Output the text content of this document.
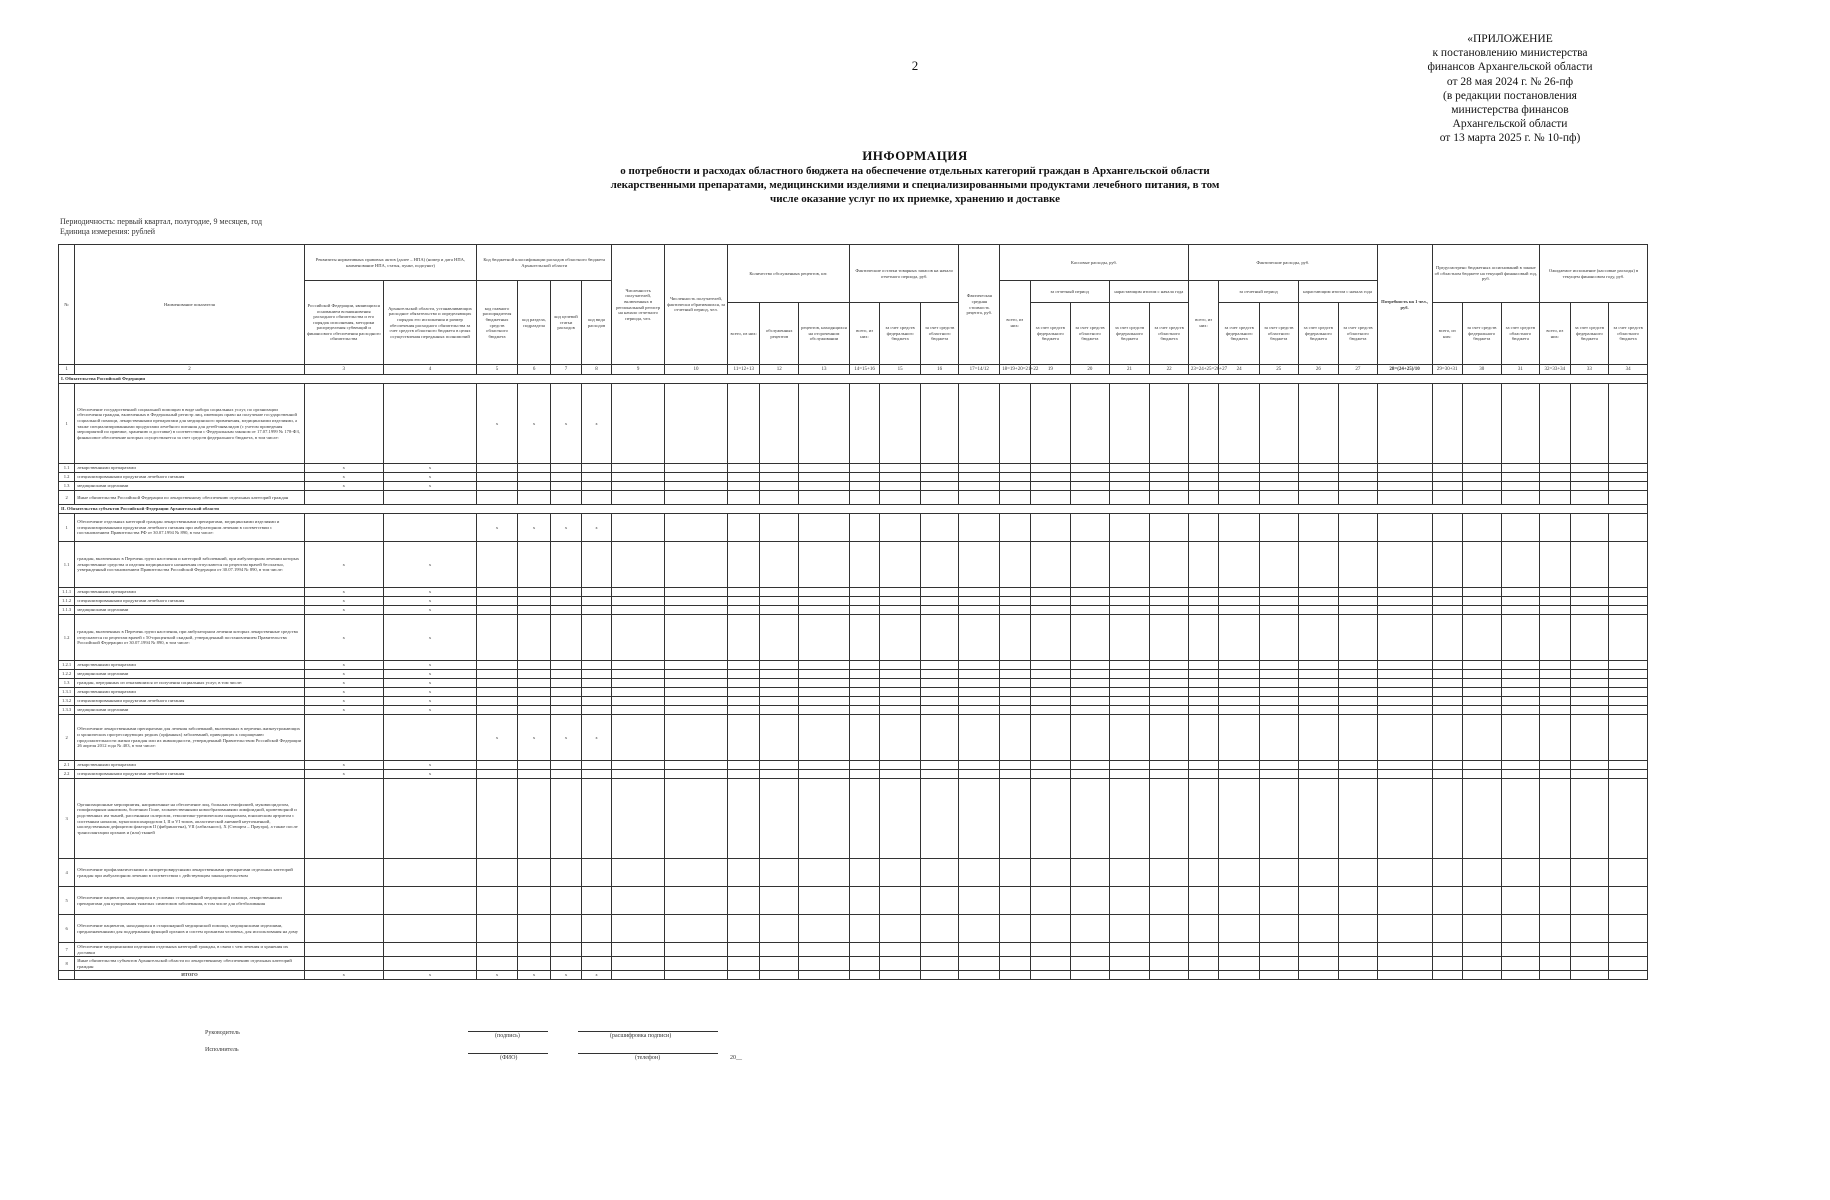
2
«ПРИЛОЖЕНИЕ
к постановлению министерства
финансов Архангельской области
от 28 мая 2024 г. № 26-пф
(в редакции постановления
министерства финансов
Архангельской области
от 13 марта 2025 г. № 10-пф)
ИНФОРМАЦИЯ
о потребности и расходах областного бюджета на обеспечение отдельных категорий граждан в Архангельской области
лекарственными препаратами, медицинскими изделиями и специализированными продуктами лечебного питания, в том
числе оказание услуг по их приемке, хранению и доставке
Периодичность: первый квартал, полугодие, 9 месяцев, год
Единица измерения: рублей
№	Наименование показателя	Реквизиты нормативных правовых актов (далее – НПА) (номер и дата НПА, наименование НПА, статья, пункт, подпункт)		Код бюджетной классификации расходов областного бюджета Архангельской области				Численность получателей, включенных в региональный регистр на начало отчетного периода, чел.	Численность получателей, фактически обратившихся, за отчетный период, чел.	Количество обслуженных рецептов, шт.			Фактические остатки товарных запасов на начало отчетного периода, руб.			Фактическая средняя стоимость рецепта, руб.	Кассовые расходы, руб.					Фактические расходы, руб.					Потребность на 1 чел., руб.	Предусмотрено бюджетных ассигнований в законе об областном бюджете на текущий финансовый год, руб.			Ожидаемое исполнение (кассовые расходы) в текущем финансовом году, руб.		
		Российской Федерации, являющихся основанием возникновения расходного обязательства и его порядок исполнения, методики распределения субвенций и финансового обеспечения расходного обязательства	Архангельской области, устанавливающих расходное обязательство и определяющих порядок его исполнения и размер обеспечения расходного обязательства за счет средств областного бюджета в целях осуществления переданных полномочий	код главного распорядителя бюджетных средств областного бюджета	код раздела, подраздела	код целевой статьи расходов	код вида расходов										всего, из них:	за отчетный период		нарастающим итогом с начала года		всего, из них:	за отчетный период		нарастающим итогом с начала года								
										всего, из них:	обслуженных рецептов	рецептов, находящихся на отсроченном обслуживании	всего, из них:	за счет средств федерального бюджета	за счет средств областного бюджета			за счет средств федерального бюджета	за счет средств областного бюджета	за счет средств федерального бюджета	за счет средств областного бюджета		за счет средств федерального бюджета	за счет средств областного бюджета	за счет средств федерального бюджета	за счет средств областного бюджета		всего, из них:	за счет средств федерального бюджета	за счет средств областного бюджета	всего, из них:	за счет средств федерального бюджета	за счет средств областного бюджета
1	2	3	4	5	6	7	8	9	10	11=12+13	12	13	14=15+16	15	16	17=14/12	18=19+20=21+22	19	20	21	22	23=24+25=26+27	24	25	26	27	28=(24+25)/10	29=30+31	30	31	32=33+34	33	34
I. Обязательства Российской Федерации																																	
1	Обеспечение государственной социальной помощью в виде набора социальных услуг, по организации обеспечения граждан, включенных в Федеральный регистр лиц, имеющих право на получение государственной социальной помощи, лекарственными препаратами для медицинского применения, медицинскими изделиями, а также специализированными продуктами лечебного питания для детей-инвалидов (с учетом проведения мероприятий по приемке, хранению и доставке) в соответствии с Федеральным законом от 17.07.1999 № 178-ФЗ, финансовое обеспечение которых осуществляется за счет средств федерального бюджета, в том числе:			x	x	x	x																										
1.1	лекарственными препаратами	x	x																														
1.2	специализированными продуктами лечебного питания	x	x																														
1.3	медицинскими изделиями	x	x																														
2	Иные обязательства Российской Федерации по лекарственному обеспечению отдельных категорий граждан																																
II. Обязательства субъектов Российской Федерации Архангельской области																																	
1	Обеспечение отдельных категорий граждан лекарственными препаратами, медицинскими изделиями и специализированными продуктами лечебного питания при амбулаторном лечении в соответствии с постановлением Правительства РФ от 30.07.1994 № 890, в том числе:			x	x	x	x																										
1.1	граждан, включенных в Перечень групп населения и категорий заболеваний, при амбулаторном лечении которых лекарственные средства и изделия медицинского назначения отпускаются по рецептам врачей бесплатно, утвержденный постановлением Правительства Российской Федерации от 30.07.1994 № 890, в том числе:	x	x																														
1.1.1	лекарственными препаратами	x	x																														
1.1.2	специализированными продуктами лечебного питания	x	x																														
1.1.3	медицинскими изделиями	x	x																														
1.2	граждан, включенных в Перечень групп населения, при амбулаторном лечении которых лекарственные средства отпускаются по рецептам врачей с 50-процентной скидкой, утвержденный постановлением Правительства Российской Федерации от 30.07.1994 № 890, в том числе:	x	x																														
1.2.1	лекарственными препаратами	x	x																														
1.2.2	медицинскими изделиями	x	x																														
1.3	граждан, переданных из отказавшихся от получения социальных услуг, в том числе:	x	x																														
1.3.1	лекарственными препаратами	x	x																														
1.3.2	специализированными продуктами лечебного питания	x	x																														
1.3.3	медицинскими изделиями	x	x																														
2	Обеспечение лекарственными препаратами для лечения заболеваний, включенных в перечень жизнеугрожающих и хронических прогрессирующих редких (орфанных) заболеваний, приводящих к сокращению продолжительности жизни граждан или их инвалидности, утвержденный Правительством Российской Федерации 26 апреля 2012 года № 403, в том числе:			x	x	x	x																										
2.1	лекарственными препаратами	x	x																														
2.2	специализированными продуктами лечебного питания	x	x																														
3	Организационные мероприятия, направленные на обеспечение лиц, больных гемофилией, муковисцидозом, гипофизарным нанизмом, болезнью Гоше, злокачественными новообразованиями лимфоидной, кроветворной и родственных им тканей, рассеянным склерозом, гемолитико-уремическим синдромом, юношеским артритом с системным началом, мукополисахаридозом I, II и VI типов, апластической анемией неуточненной, наследственным дефицитом факторов II (фибриногена), VII (лабильного), X (Стюарта – Прауэра), а также после трансплантации органов и (или) тканей																																
4	Обеспечение профилактическими и антиретровирусными лекарственными препаратами отдельных категорий граждан при амбулаторном лечении в соответствии с действующим законодательством																																
5	Обеспечение пациентов, находящихся в условиях стационарной медицинской помощи, лекарственными препаратами для купирования тяжелых симптомов заболевания, в том числе для обезболивания																																
6	Обеспечение пациентов, находящихся в стационарной медицинской помощи, медицинскими изделиями, предназначенными для поддержания функций органов и систем организма человека, для использования на дому																																
7	Обеспечение медицинскими изделиями отдельных категорий граждан, в связи с чем лечения и хранения их доставки																																
8	Иные обязательства субъектов Архангельской области по лекарственному обеспечению отдельных категорий граждан																																
	ИТОГО	x	x	x	x	x	x																										
Руководитель	(подпись)	(расшифровка подписи)
Исполнитель
(ФИО)	(телефон)	20__
